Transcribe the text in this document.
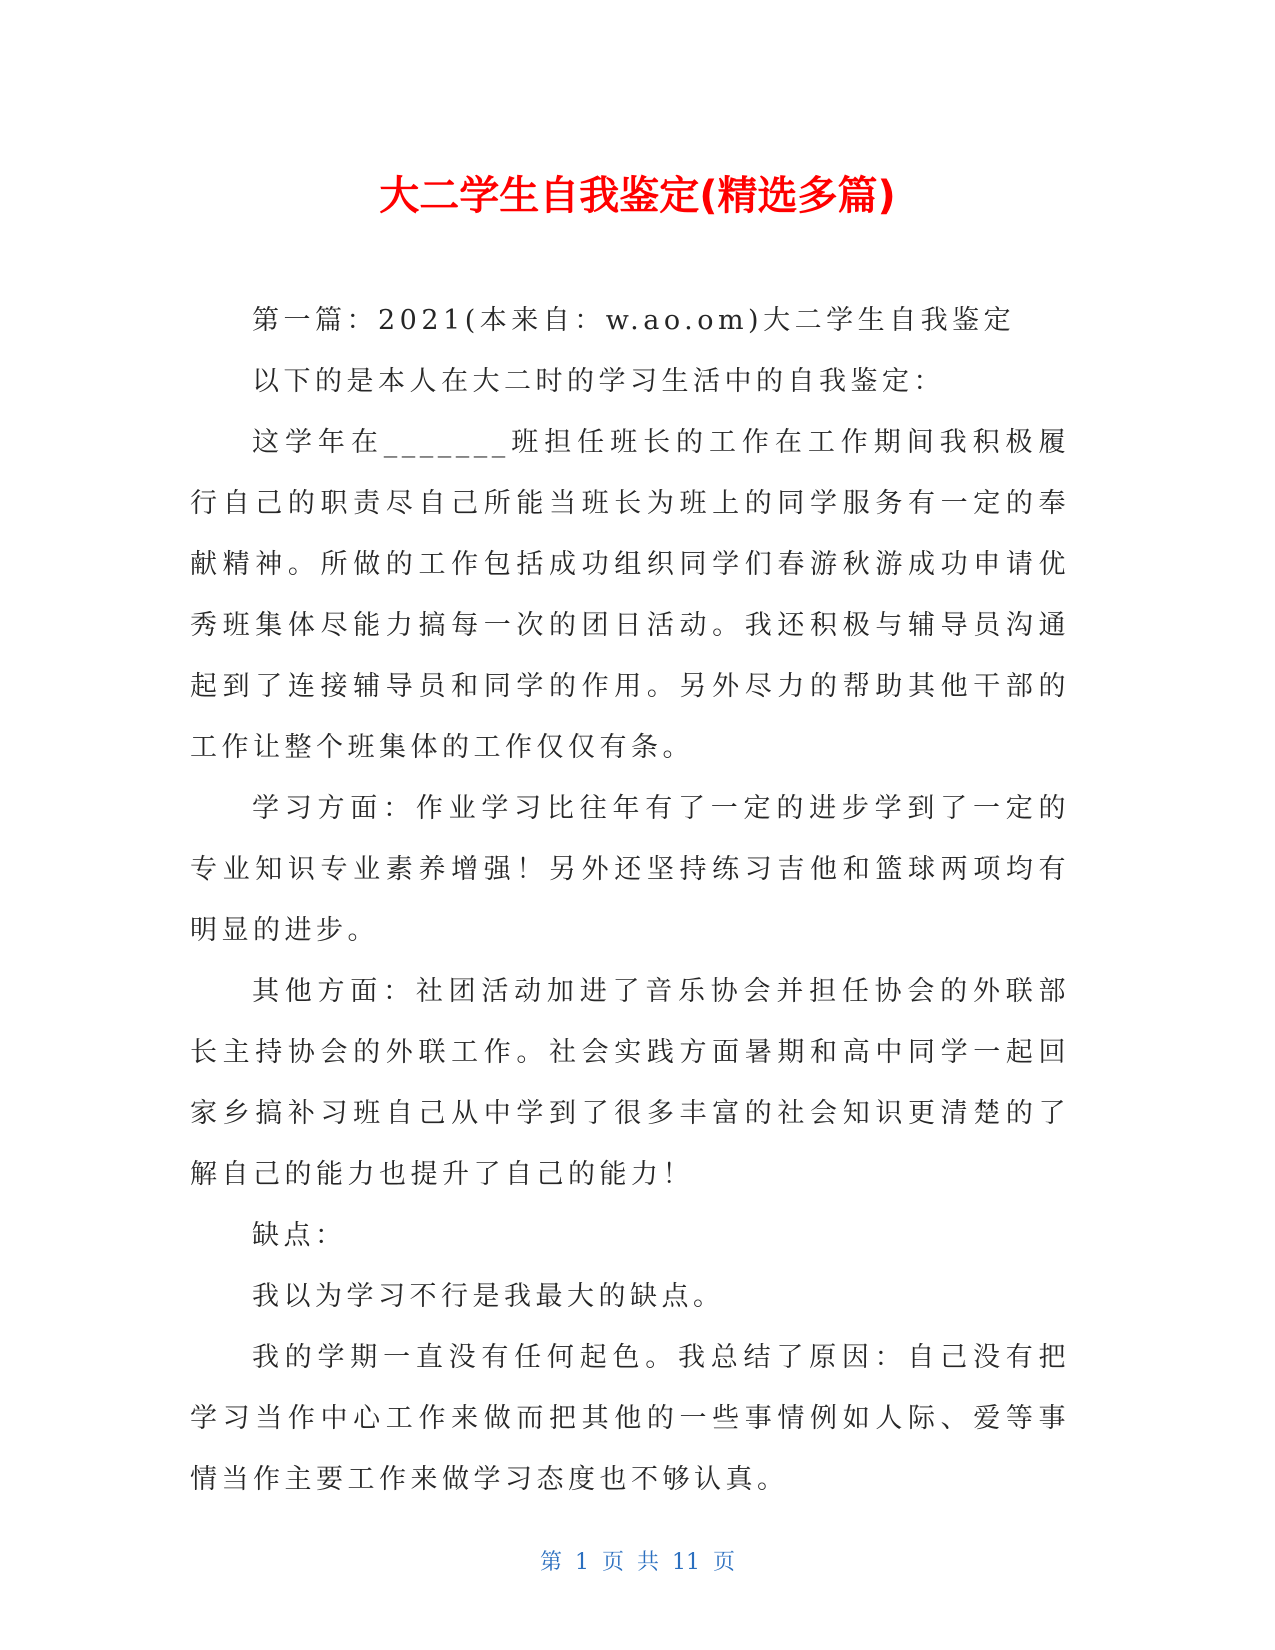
大二学生自我鉴定(精选多篇)

第一篇：2021(本来自：w.ao.om)大二学生自我鉴定

以下的是本人在大二时的学习生活中的自我鉴定：

这学年在_______班担任班长的工作在工作期间我积极履行自己的职责尽自己所能当班长为班上的同学服务有一定的奉献精神。所做的工作包括成功组织同学们春游秋游成功申请优秀班集体尽能力搞每一次的团日活动。我还积极与辅导员沟通起到了连接辅导员和同学的作用。另外尽力的帮助其他干部的工作让整个班集体的工作仅仅有条。

学习方面：作业学习比往年有了一定的进步学到了一定的专业知识专业素养增强！另外还坚持练习吉他和篮球两项均有明显的进步。

其他方面：社团活动加进了音乐协会并担任协会的外联部长主持协会的外联工作。社会实践方面暑期和高中同学一起回家乡搞补习班自己从中学到了很多丰富的社会知识更清楚的了解自己的能力也提升了自己的能力！

缺点：

我以为学习不行是我最大的缺点。

我的学期一直没有任何起色。我总结了原因：自己没有把学习当作中心工作来做而把其他的一些事情例如人际、爱等事情当作主要工作来做学习态度也不够认真。

第 1 页 共 11 页
